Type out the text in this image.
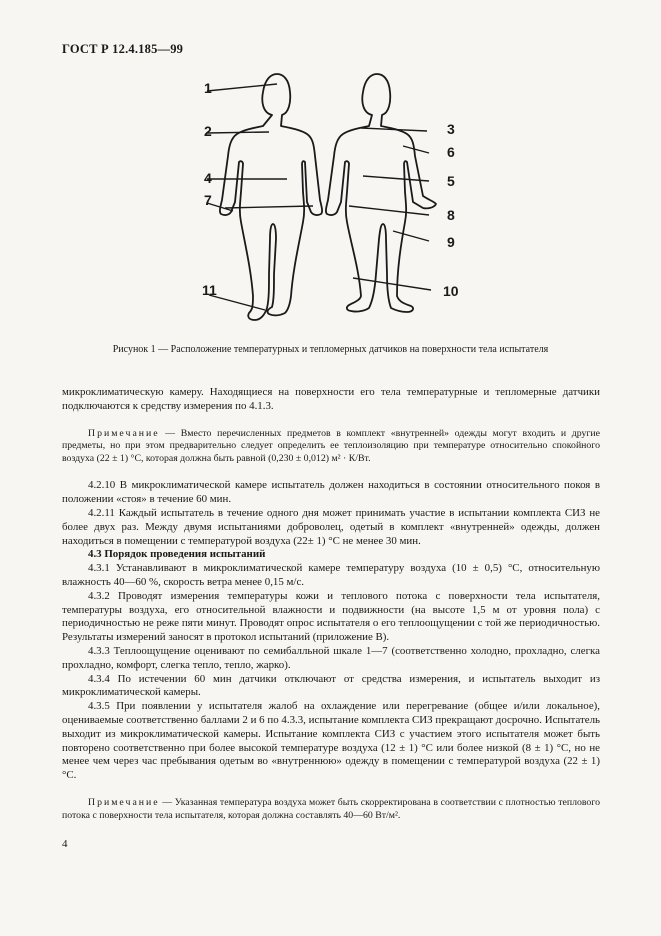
ГОСТ Р 12.4.185—99
1
2	3
4	5
6
7
8
9
10
11
Рисунок 1 — Расположение температурных и тепломерных датчиков на поверхности тела испытателя

микроклиматическую камеру. Находящиеся на поверхности его тела температурные и тепломерные датчики подключаются к средству измерения по 4.1.3.

Примечание — Вместо перечисленных предметов в комплект «внутренней» одежды могут входить и другие предметы, но при этом предварительно следует определить ее теплоизоляцию при температуре относительно спокойного воздуха (22 ± 1) °С, которая должна быть равной (0,230 ± 0,012) м² · К/Вт.

4.2.10 В микроклиматической камере испытатель должен находиться в состоянии относительного покоя в положении «стоя» в течение 60 мин.

4.2.11 Каждый испытатель в течение одного дня может принимать участие в испытании комплекта СИЗ не более двух раз. Между двумя испытаниями доброволец, одетый в комплект «внутренней» одежды, должен находиться в помещении с температурой воздуха (22± 1) °С не менее 30 мин.

4.3 Порядок проведения испытаний

4.3.1 Устанавливают в микроклиматической камере температуру воздуха (10 ± 0,5) °С, относительную влажность 40—60 %, скорость ветра менее 0,15 м/с.

4.3.2 Проводят измерения температуры кожи и теплового потока с поверхности тела испытателя, температуры воздуха, его относительной влажности и подвижности (на высоте 1,5 м от уровня пола) с периодичностью не реже пяти минут. Проводят опрос испытателя о его теплоощущении с той же периодичностью. Результаты измерений заносят в протокол испытаний (приложение В).

4.3.3 Теплоощущение оценивают по семибалльной шкале 1—7 (соответственно холодно, прохладно, слегка прохладно, комфорт, слегка тепло, тепло, жарко).

4.3.4 По истечении 60 мин датчики отключают от средства измерения, и испытатель выходит из микроклиматической камеры.

4.3.5 При появлении у испытателя жалоб на охлаждение или перегревание (общее и/или локальное), оцениваемые соответственно баллами 2 и 6 по 4.3.3, испытание комплекта СИЗ прекращают досрочно. Испытатель выходит из микроклиматической камеры. Испытание комплекта СИЗ с участием этого испытателя может быть повторено соответственно при более высокой температуре воздуха (12 ± 1) °С или более низкой (8 ± 1) °С, но не менее чем через час пребывания одетым во «внутреннюю» одежду в помещении с температурой воздуха (22 ± 1) °С.

Примечание — Указанная температура воздуха может быть скорректирована в соответствии с плотностью теплового потока с поверхности тела испытателя, которая должна составлять 40—60 Вт/м².

4
